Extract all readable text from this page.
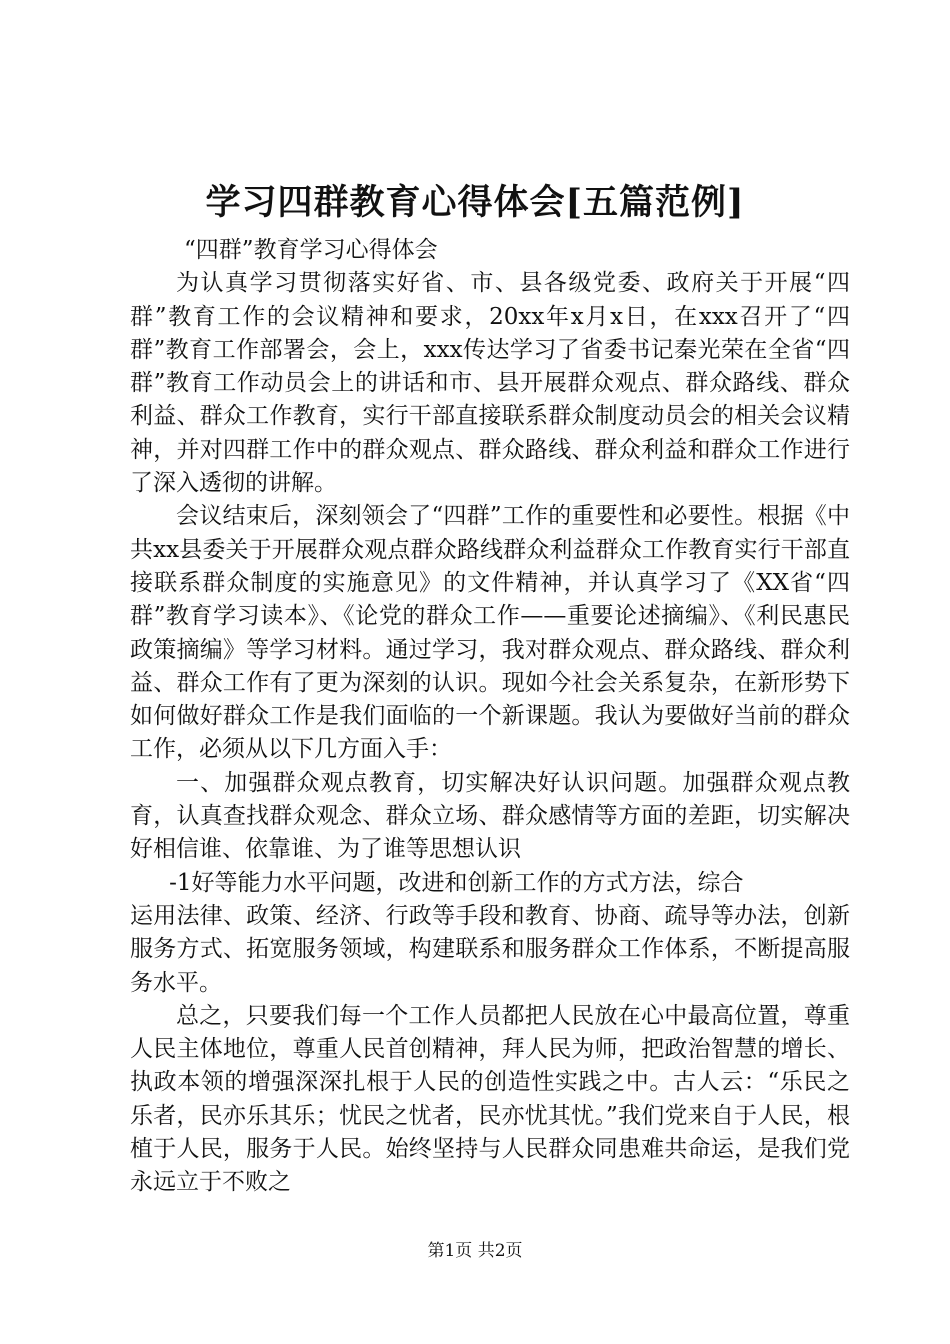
学习四群教育心得体会[五篇范例]

“四群”教育学习心得体会

为认真学习贯彻落实好省、市、县各级党委、政府关于开展“四群”教育工作的会议精神和要求，20xx年x月x日，在xxx召开了“四群”教育工作部署会，会上，xxx传达学习了省委书记秦光荣在全省“四群”教育工作动员会上的讲话和市、县开展群众观点、群众路线、群众利益、群众工作教育，实行干部直接联系群众制度动员会的相关会议精神，并对四群工作中的群众观点、群众路线、群众利益和群众工作进行了深入透彻的讲解。

会议结束后，深刻领会了“四群”工作的重要性和必要性。根据《中共xx县委关于开展群众观点群众路线群众利益群众工作教育实行干部直接联系群众制度的实施意见》的文件精神，并认真学习了《XX省“四群”教育学习读本》、《论党的群众工作——重要论述摘编》、《利民惠民政策摘编》等学习材料。通过学习，我对群众观点、群众路线、群众利益、群众工作有了更为深刻的认识。现如今社会关系复杂，在新形势下如何做好群众工作是我们面临的一个新课题。我认为要做好当前的群众工作，必须从以下几方面入手：

一、加强群众观点教育，切实解决好认识问题。加强群众观点教育，认真查找群众观念、群众立场、群众感情等方面的差距，切实解决好相信谁、依靠谁、为了谁等思想认识

-1好等能力水平问题，改进和创新工作的方式方法，综合

运用法律、政策、经济、行政等手段和教育、协商、疏导等办法，创新服务方式、拓宽服务领域，构建联系和服务群众工作体系，不断提高服务水平。

总之，只要我们每一个工作人员都把人民放在心中最高位置，尊重人民主体地位，尊重人民首创精神，拜人民为师，把政治智慧的增长、执政本领的增强深深扎根于人民的创造性实践之中。古人云：“乐民之乐者，民亦乐其乐；忧民之忧者，民亦忧其忧。”我们党来自于人民，根植于人民，服务于人民。始终坚持与人民群众同患难共命运，是我们党永远立于不败之

第1页 共2页
